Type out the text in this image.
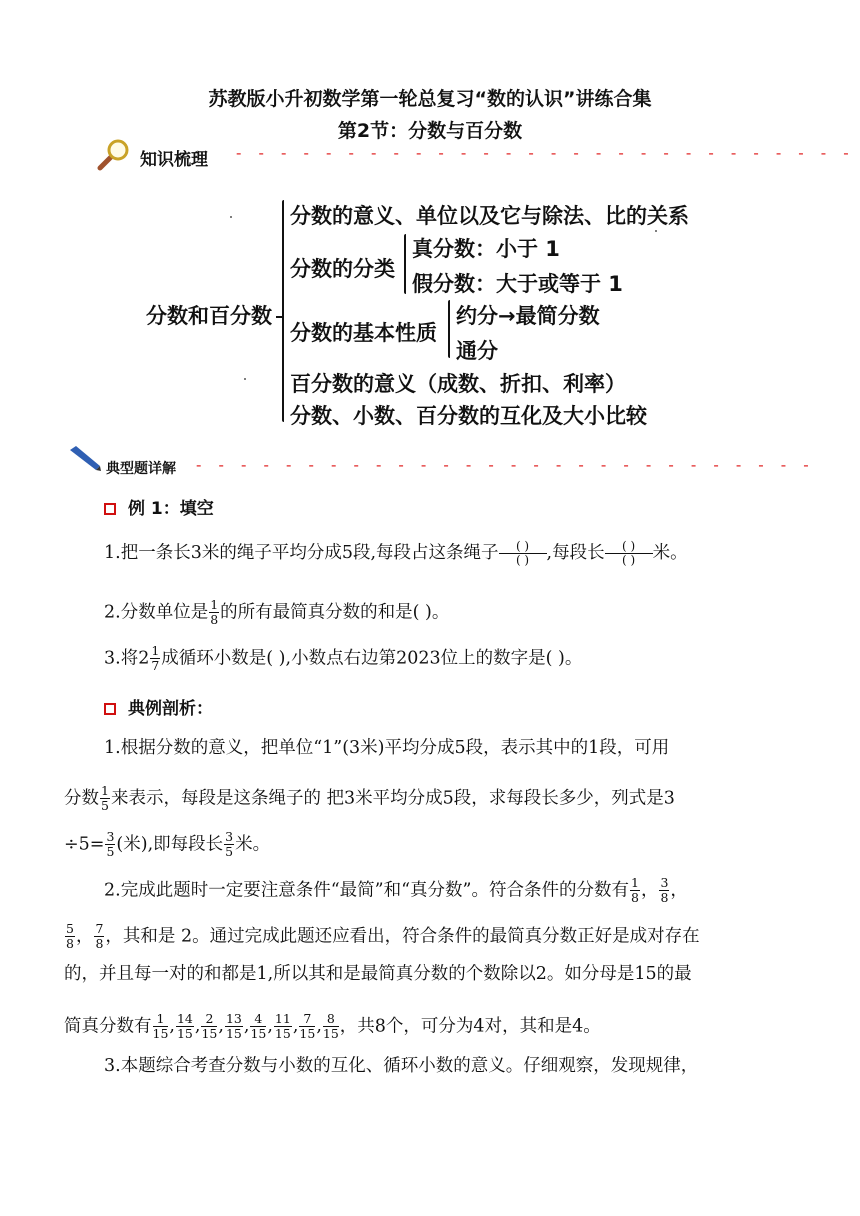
苏教版小升初数学第一轮总复习“数的认识”讲练合集
第2节：分数与百分数
知识梳理 - - - - - - - - - - - - - - - - - - - - - - - - - - - -
分数和百分数
分数的意义、单位以及它与除法、比的关系
分数的分类
真分数：小于 1
假分数：大于或等于 1
分数的基本性质
约分→最简分数
通分
百分数的意义（成数、折扣、利率）
分数、小数、百分数的互化及大小比较
典型题详解 - - - - - - - - - - - - - - - - - - - - - - - - - - - -
例 1：填空
1.把一条长3米的绳子平均分成5段,每段占这条绳子	( )
( ) ,每段长	( )
( ) 米。
2.分数单位是 $\frac{1}{8}$ 的所有最简真分数的和是( )。
3.将$2 \frac{1}{7}$ 成循环小数是( ),小数点右边第2023位上的数字是( )。
典例剖析：
1.根据分数的意义，把单位“1”(3米)平均分成5段，表示其中的1段，可用
分数 $\frac{1}{5}$ 来表示，每段是这条绳子的 把3米平均分成5段，求每段长多少，列式是3
$\div 5= \frac{3}{5}$ (米),即每段长 $\frac{3}{5}$ 米。
2.完成此题时一定要注意条件“最简”和“真分数”。符合条件的分数有 $\frac{1}{8}$ ， $\frac{3}{8}$ ，
$\frac{5}{8}$ ， $\frac{7}{8}$ ，其和是 2。通过完成此题还应看出，符合条件的最简真分数正好是成对存在
的，并且每一对的和都是1,所以其和是最简真分数的个数除以2。如分母是15的最
简真分数有 $\frac{1}{15}$ , $\frac{14}{15}$ , $\frac{2}{15}$ , $\frac{13}{15}$ , $\frac{4}{15}$ , $\frac{11}{15}$ , $\frac{7}{15}$ , $\frac{8}{15}$ ，共8个，可分为4对，其和是4。
3.本题综合考查分数与小数的互化、循环小数的意义。仔细观察，发现规律，
